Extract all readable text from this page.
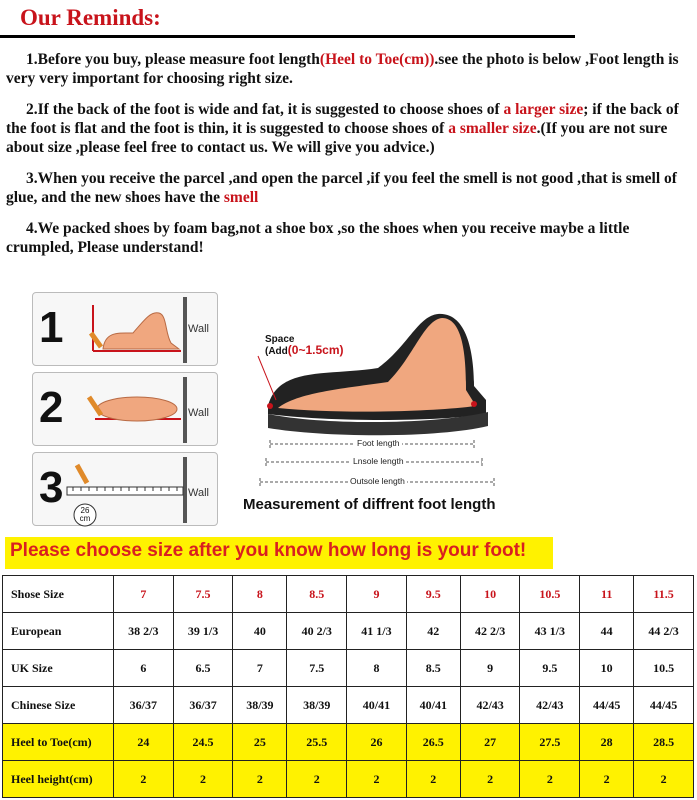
Our Reminds:
1.Before you buy, please measure foot length(Heel to Toe(cm)).see the photo is below ,Foot length is very very important for choosing right size.
2.If the back of the foot is wide and fat, it is suggested to choose shoes of a larger size; if the back of the foot is flat and the foot is thin, it is suggested to choose shoes of a smaller size.(If you are not sure about size ,please feel free to contact us. We will give you advice.)
3.When you receive the parcel ,and open the parcel ,if you feel the smell is not good ,that is smell of glue, and the new shoes have the smell
4.We packed shoes by foam bag,not a shoe box ,so the shoes when you receive maybe a little crumpled, Please understand!
1	Wall
2	Wall
3	Wall
26 cm
Space
(Add(0~1.5cm)
Foot length
Lnsole length
Outsole length
Measurement of diffrent foot length
Please choose size after you know how long is your foot!
Shose Size	7	7.5	8	8.5	9	9.5	10	10.5	11	11.5
European	38 2/3	39 1/3	40	40 2/3	41 1/3	42	42 2/3	43 1/3	44	44 2/3
UK Size	6	6.5	7	7.5	8	8.5	9	9.5	10	10.5
Chinese Size	36/37	36/37	38/39	38/39	40/41	40/41	42/43	42/43	44/45	44/45
Heel to Toe(cm)	24	24.5	25	25.5	26	26.5	27	27.5	28	28.5
Heel height(cm)	2	2	2	2	2	2	2	2	2	2
